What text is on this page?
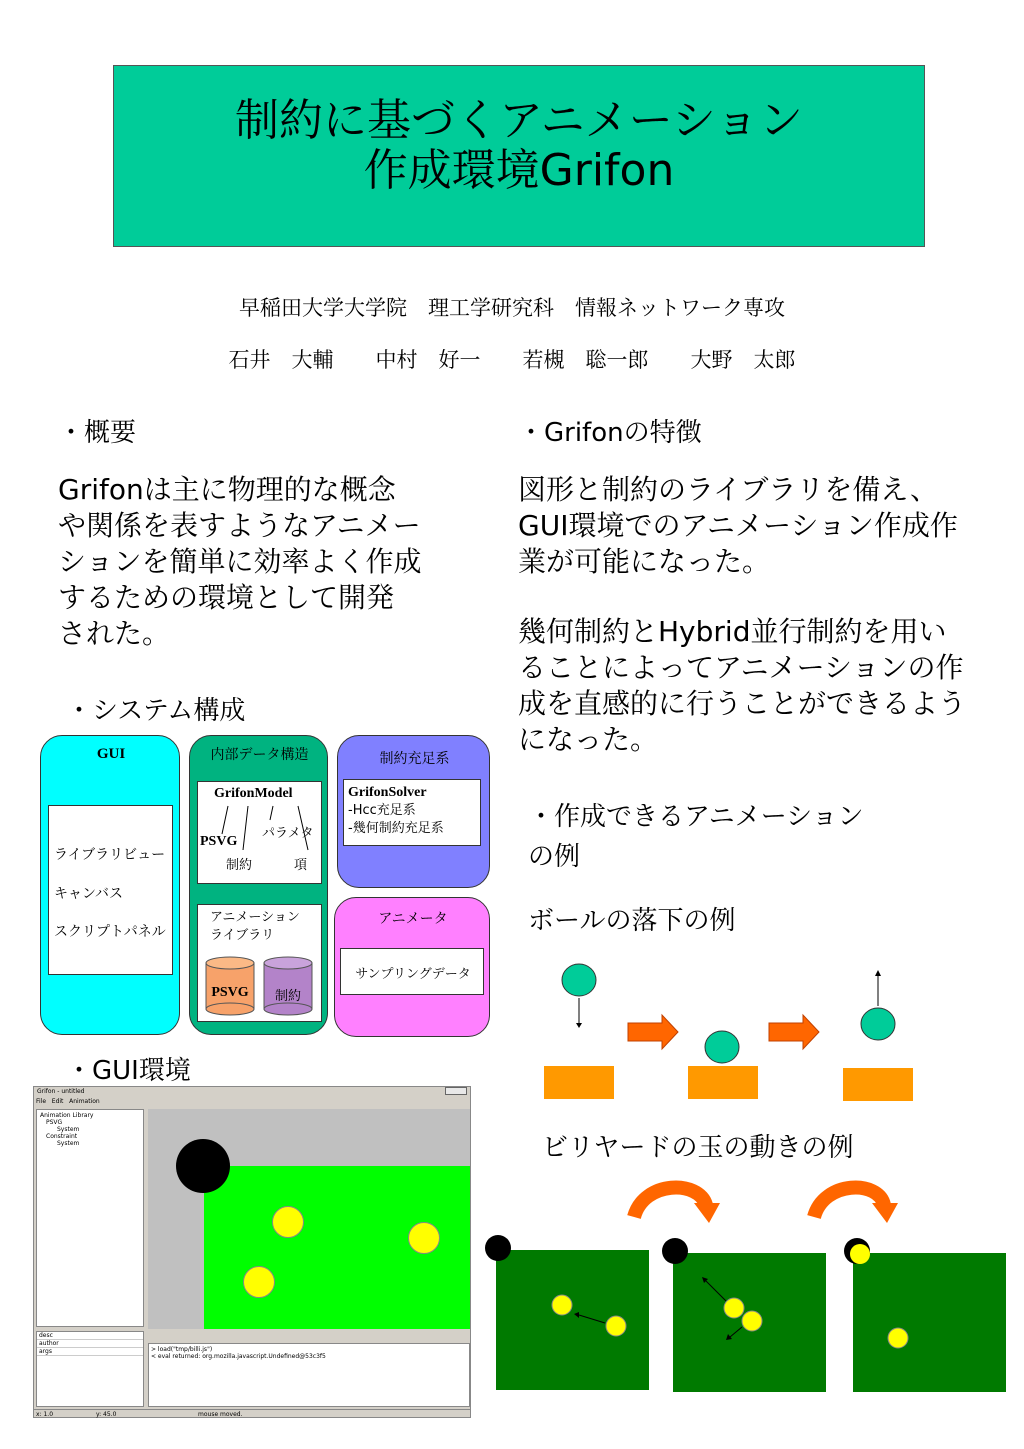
制約に基づくアニメーション
作成環境Grifon
早稲田大学大学院　理工学研究科　情報ネットワーク専攻
石井　大輔　　中村　好一　　若槻　聡一郎　　大野　太郎
・概要
Grifonは主に物理的な概念
や関係を表すようなアニメー
ションを簡単に効率よく作成
するための環境として開発
された。
・Grifonの特徴
図形と制約のライブラリを備え、
GUI環境でのアニメーション作成作
業が可能になった。
幾何制約とHybrid並行制約を用い
ることによってアニメーションの作
成を直感的に行うことができるよう
になった。
・システム構成
GUI
ライブラリビュー
キャンバス
スクリプトパネル
内部データ構造
GrifonModel
PSVG
パラメタ
制約	項
アニメーション
ライブラリ
PSVG	制約
制約充足系
GrifonSolver
-Hcc充足系
-幾何制約充足系
アニメータ
サンプリングデータ
・GUI環境
Grifon - untitled
File Edit Animation
Animation Library
PSVG
System
Constraint
System
desc
author
args	> load("tmp/billi.js")
< eval returned: org.mozilla.javascript.Undefined@53c3f5
x: 1.0	y: 45.0	mouse moved.
・作成できるアニメーション
の例
ボールの落下の例
ビリヤードの玉の動きの例
